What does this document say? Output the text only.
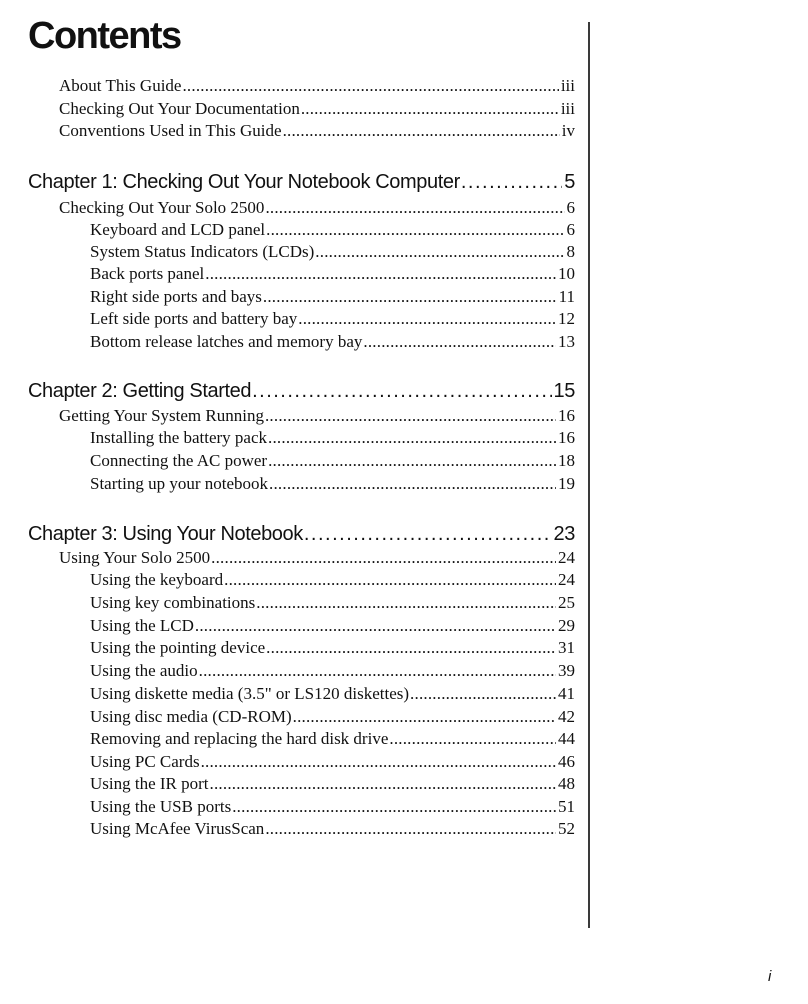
Contents
About This Guide .....	iii
Checking Out Your Documentation .....	iii
Conventions Used in This Guide .....	iv
Chapter 1: Checking Out Your Notebook Computer .....	5
Checking Out Your Solo 2500 .....	6
Keyboard and LCD panel .....	6
System Status Indicators (LCDs) .....	8
Back ports panel .....	10
Right side ports and bays .....	11
Left side ports and battery bay .....	12
Bottom release latches and memory bay .....	13
Chapter 2: Getting Started .....	15
Getting Your System Running .....	16
Installing the battery pack .....	16
Connecting the AC power .....	18
Starting up your notebook .....	19
Chapter 3: Using Your Notebook .....	23
Using Your Solo 2500 .....	24
Using the keyboard .....	24
Using key combinations .....	25
Using the LCD .....	29
Using the pointing device .....	31
Using the audio .....	39
Using diskette media (3.5" or LS120 diskettes) .....	41
Using disc media (CD-ROM) .....	42
Removing and replacing the hard disk drive .....	44
Using PC Cards .....	46
Using the IR port .....	48
Using the USB ports .....	51
Using McAfee VirusScan .....	52
i
